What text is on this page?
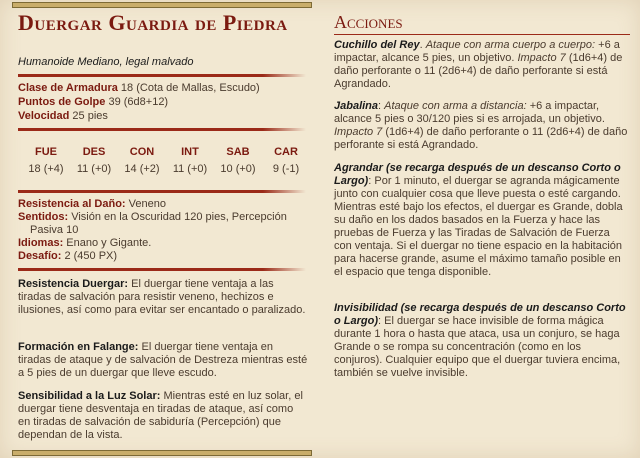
Duergar Guardia de Piedra
Humanoide Mediano, legal malvado
Clase de Armadura 18 (Cota de Mallas, Escudo)
Puntos de Golpe 39 (6d8+12)
Velocidad 25 pies
FUE
18 (+4)
DES
11 (+0)
CON
14 (+2)
INT
11 (+0)
SAB
10 (+0)
CAR
9 (-1)
Resistencia al Daño: Veneno
Sentidos: Visión en la Oscuridad 120 pies, Percepción
Pasiva 10
Idiomas: Enano y Gigante.
Desafío: 2 (450 PX)
Resistencia Duergar: El duergar tiene ventaja a las tiradas de salvación para resistir veneno, hechizos e ilusiones, así como para evitar ser encantado o paralizado.
Formación en Falange: El duergar tiene ventaja en tiradas de ataque y de salvación de Destreza mientras esté a 5 pies de un duergar que lleve escudo.
Sensibilidad a la Luz Solar: Mientras esté en luz solar, el duergar tiene desventaja en tiradas de ataque, así como en tiradas de salvación de sabiduría (Percepción) que dependan de la vista.
Acciones
Cuchillo del Rey. Ataque con arma cuerpo a cuerpo: +6 a impactar, alcance 5 pies, un objetivo. Impacto 7 (1d6+4) de daño perforante o 11 (2d6+4) de daño perforante si está Agrandado.
Jabalina: Ataque con arma a distancia: +6 a impactar, alcance 5 pies o 30/120 pies si es arrojada, un objetivo. Impacto 7 (1d6+4) de daño perforante o 11 (2d6+4) de daño perforante si está Agrandado.
Agrandar (se recarga después de un descanso Corto o Largo): Por 1 minuto, el duergar se agranda mágicamente junto con cualquier cosa que lleve puesta o esté cargando. Mientras esté bajo los efectos, el duergar es Grande, dobla su daño en los dados basados en la Fuerza y hace las pruebas de Fuerza y las Tiradas de Salvación de Fuerza con ventaja. Si el duergar no tiene espacio en la habitación para hacerse grande, asume el máximo tamaño posible en el espacio que tenga disponible.
Invisibilidad (se recarga después de un descanso Corto o Largo): El duergar se hace invisible de forma mágica durante 1 hora o hasta que ataca, usa un conjuro, se haga Grande o se rompa su concentración (como en los conjuros). Cualquier equipo que el duergar tuviera encima, también se vuelve invisible.
